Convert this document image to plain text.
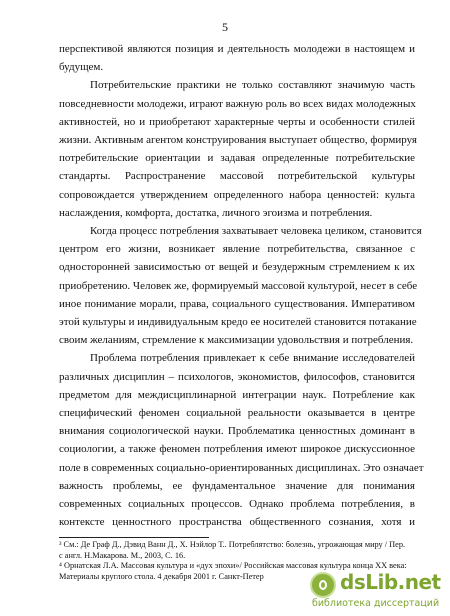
5
перспективой являются позиция и деятельность молодежи в настоящем и
будущем.
Потребительские практики не только составляют значимую часть
повседневности молодежи, играют важную роль во всех видах молодежных
активностей, но и приобретают характерные черты и особенности стилей
жизни. Активным агентом конструирования выступает общество, формируя
потребительские ориентации и задавая определенные потребительские
стандарты. Распространение массовой потребительской культуры
сопровождается утверждением определенного набора ценностей: культа
наслаждения, комфорта, достатка, личного эгоизма и потребления.
Когда процесс потребления захватывает человека целиком, становится
центром его жизни, возникает явление потребительства, связанное с
односторонней зависимостью от вещей и безудержным стремлением к их
приобретению. Человек же, формируемый массовой культурой, несет в себе
иное понимание морали, права, социального существования. Императивом
этой культуры и индивидуальным кредо ее носителей становится потакание
своим желаниям, стремление к максимизации удовольствия и потребления.
Проблема потребления привлекает к себе внимание исследователей
различных дисциплин – психологов, экономистов, философов, становится
предметом для междисциплинарной интеграции наук. Потребление как
специфический феномен социальной реальности оказывается в центре
внимания социологической науки. Проблематика ценностных доминант в
социологии, а также феномен потребления имеют широкое дискуссионное
поле в современных социально-ориентированных дисциплинах. Это означает
важность проблемы, ее фундаментальное значение для понимания
современных социальных процессов. Однако проблема потребления, в
контексте ценностного пространства общественного сознания, хотя и
³ См.: Де Граф Д., Дэвид Ванн Д., Х. Нэйлор Т.. Потреблятство: болезнь, угрожающая миру / Пер.
с англ. Н.Макарова. М., 2003, С. 16.
⁴ Орнатская Л.А. Массовая культура и «дух эпохи»/ Российская массовая культура конца XX века:
Материалы круглого стола. 4 декабря 2001 г. Санкт-Петер	dsLib.net
библиотека диссертаций
